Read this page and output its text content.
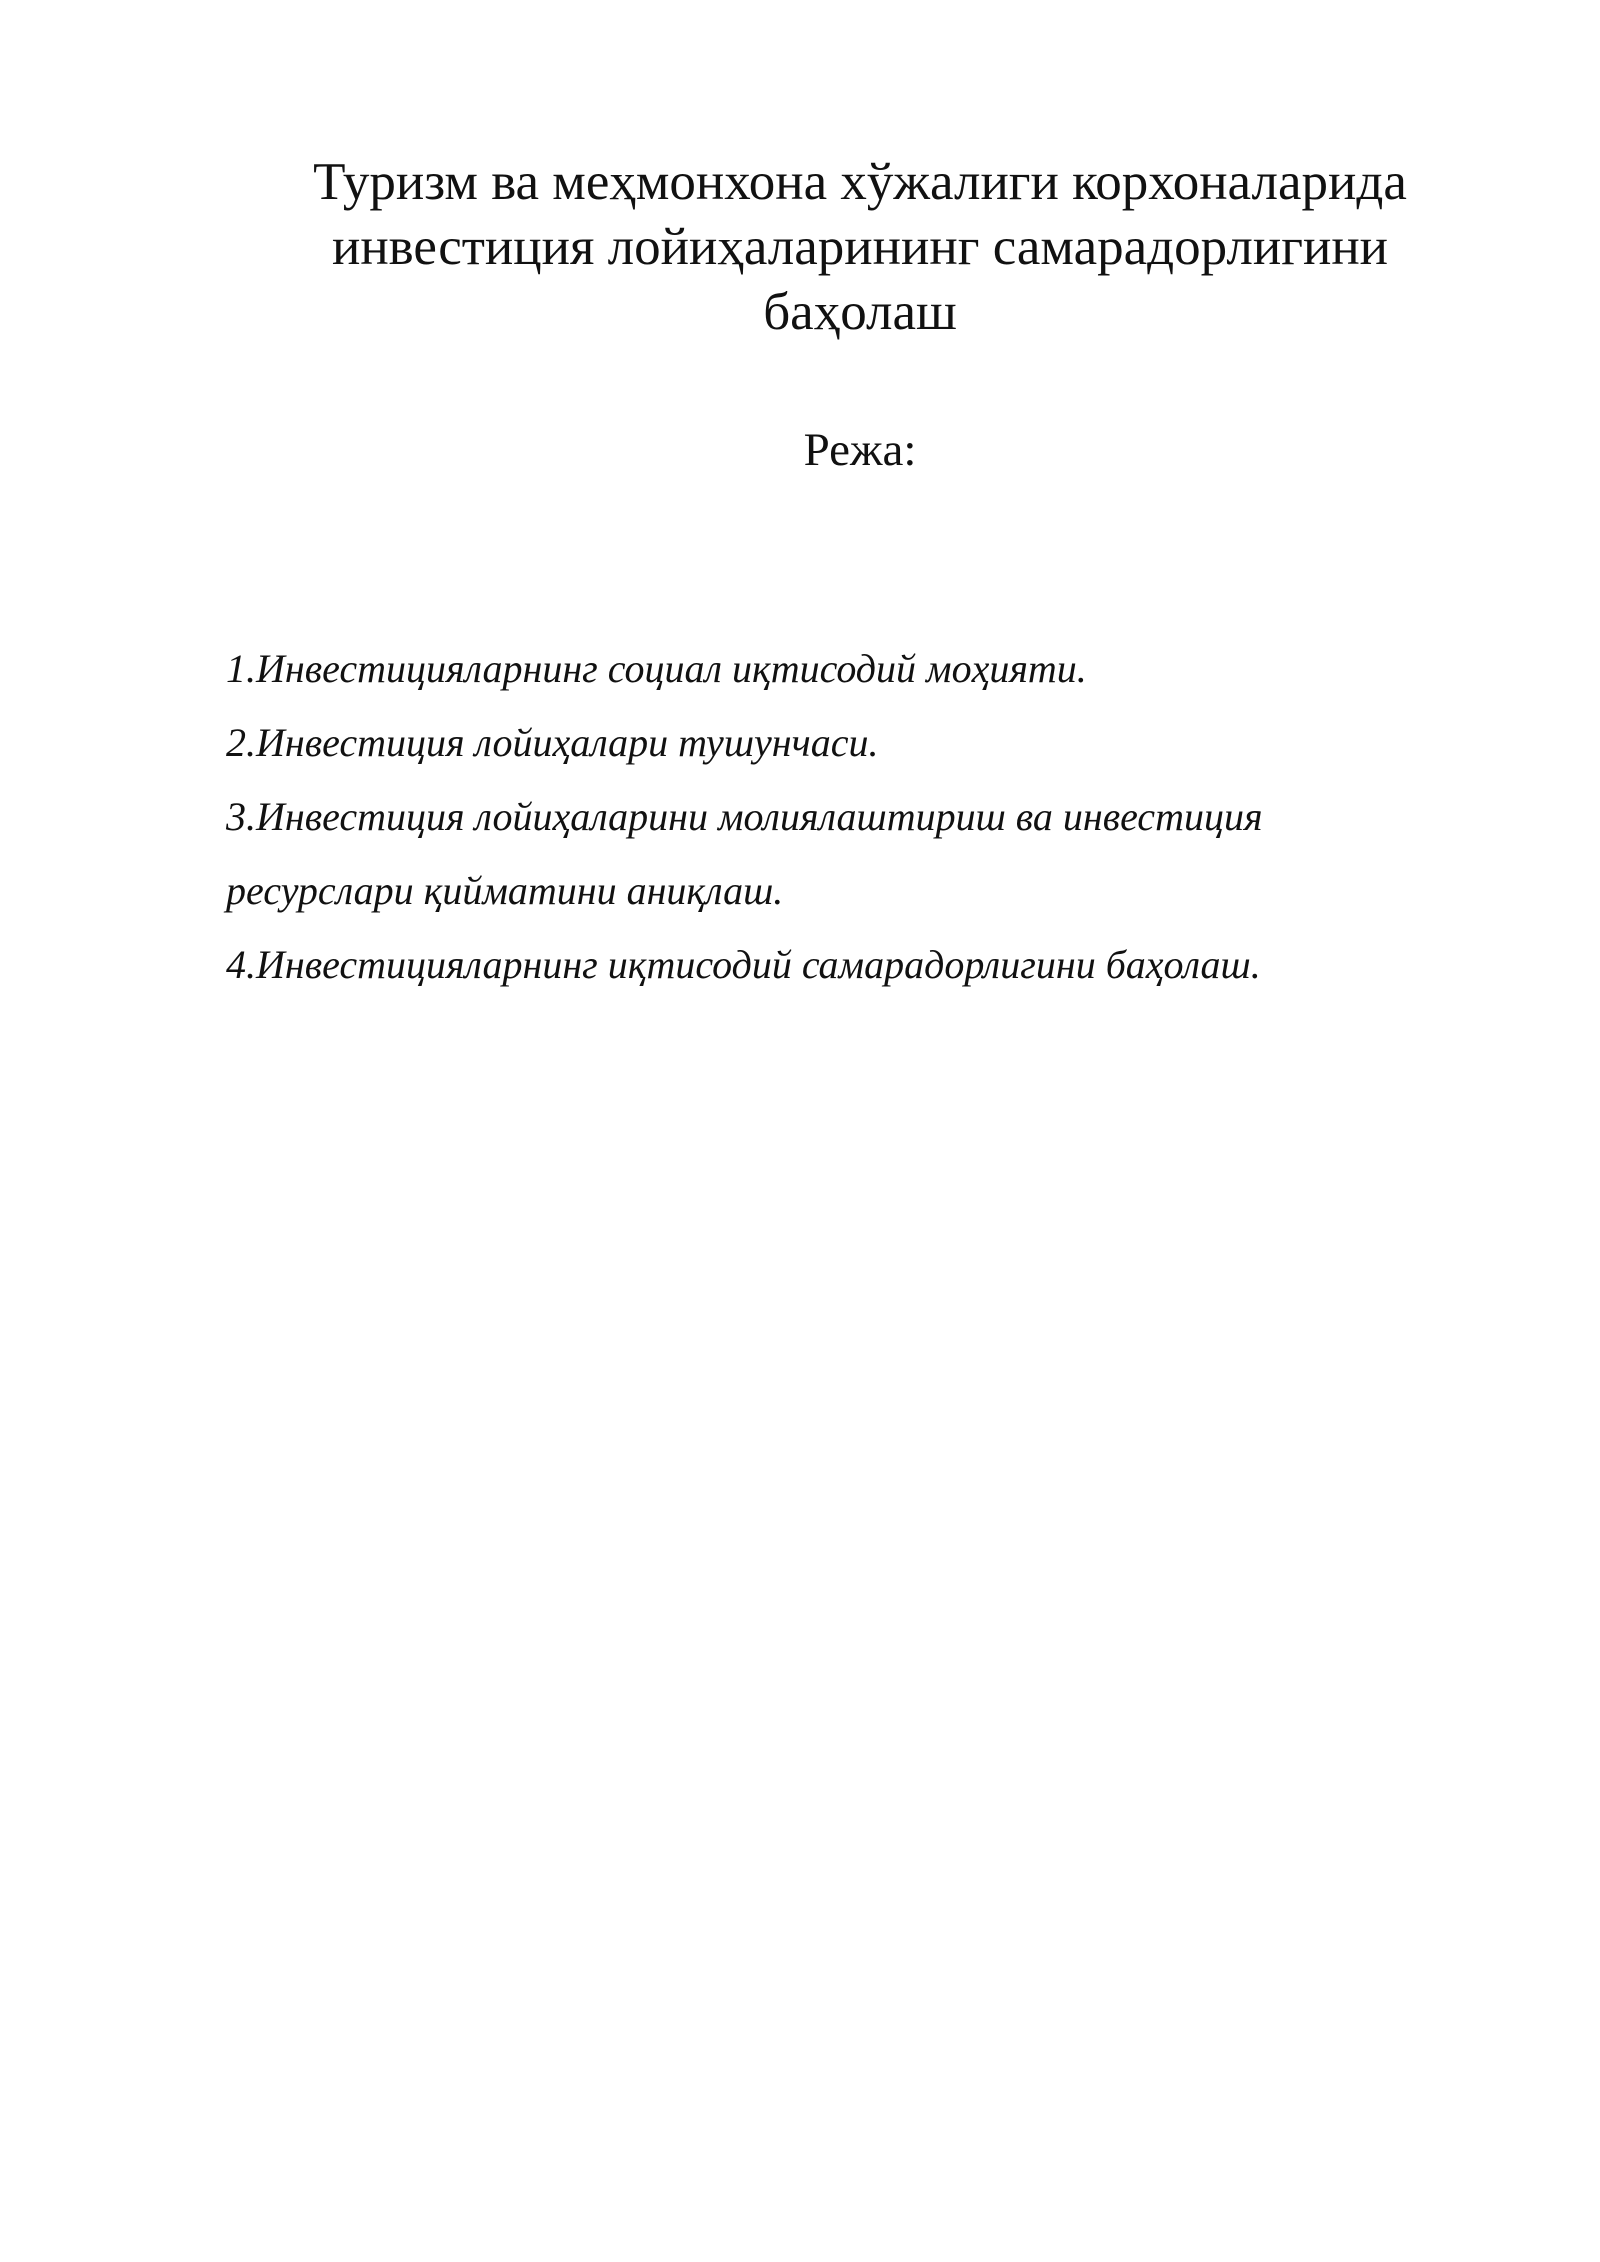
Туризм ва меҳмонхона хўжалиги корхоналарида
инвестиция лойиҳаларининг самарадорлигини
баҳолаш
Режа:
1.Инвестицияларнинг социал иқтисодий моҳияти.
2.Инвестиция лойиҳалари тушунчаси.
3.Инвестиция лойиҳаларини молиялаштириш ва инвестиция
ресурслари қийматини аниқлаш.
4.Инвестицияларнинг иқтисодий самарадорлигини баҳолаш.
